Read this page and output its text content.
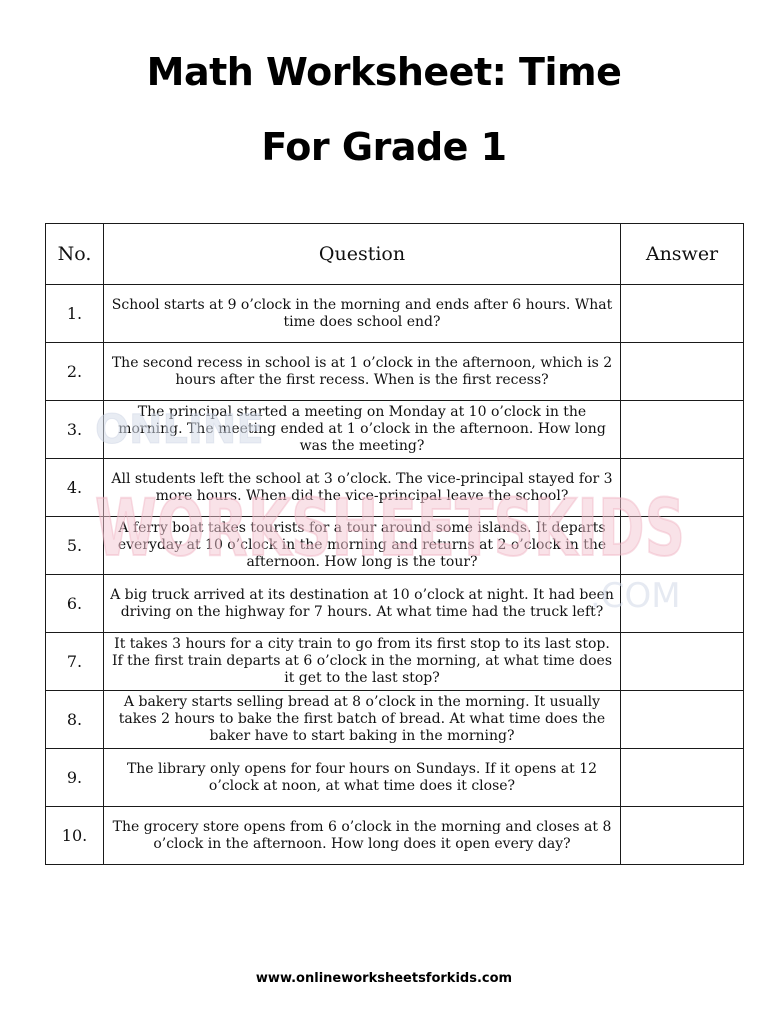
Math Worksheet: Time
For Grade 1
No.	Question	Answer
1.	School starts at 9 o’clock in the morning and ends after 6 hours. What time does school end?	
2.	The second recess in school is at 1 o’clock in the afternoon, which is 2 hours after the first recess. When is the first recess?	
3.	The principal started a meeting on Monday at 10 o’clock in the morning. The meeting ended at 1 o’clock in the afternoon. How long was the meeting?	
4.	All students left the school at 3 o’clock. The vice-principal stayed for 3 more hours. When did the vice-principal leave the school?	
5.	A ferry boat takes tourists for a tour around some islands. It departs everyday at 10 o’clock in the morning and returns at 2 o’clock in the afternoon. How long is the tour?	
6.	A big truck arrived at its destination at 10 o’clock at night. It had been driving on the highway for 7 hours. At what time had the truck left?	
7.	It takes 3 hours for a city train to go from its first stop to its last stop. If the first train departs at 6 o’clock in the morning, at what time does it get to the last stop?	
8.	A bakery starts selling bread at 8 o’clock in the morning. It usually takes 2 hours to bake the first batch of bread. At what time does the baker have to start baking in the morning?	
9.	The library only opens for four hours on Sundays. If it opens at 12 o’clock at noon, at what time does it close?	
10.	The grocery store opens from 6 o’clock in the morning and closes at 8 o’clock in the afternoon. How long does it open every day?	
ONLINE
WORKSHEETSKIDS
.COM
www.onlineworksheetsforkids.com
